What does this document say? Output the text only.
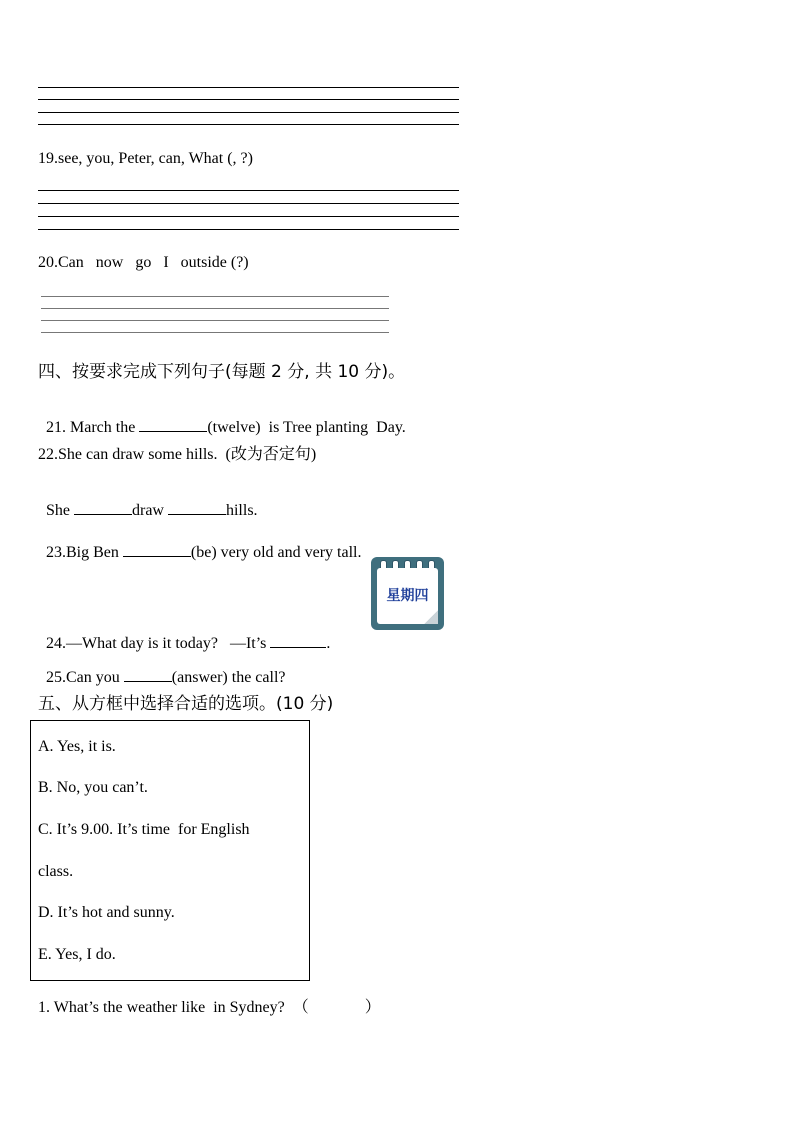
19.see, you, Peter, can, What (, ?)
20.Can   now   go   I   outside (?)
四、按要求完成下列句子(每题 2 分, 共 10 分)。

21. March the	(twelve)  is Tree planting  Day.

22.She can draw some hills.  (改为否定句)

She	draw	hills.

23.Big Ben	(be) very old and very tall.

星期四

24.—What day is it today?   —It’s	.

25.Can you	(answer) the call?

五、从方框中选择合适的选项。(10 分)
A. Yes, it is.
B. No, you can’t.
C. It’s 9.00. It’s time  for English
class.
D. It’s hot and sunny.
E. Yes, I do.
1. What’s the weather like  in Sydney?  （              ）
